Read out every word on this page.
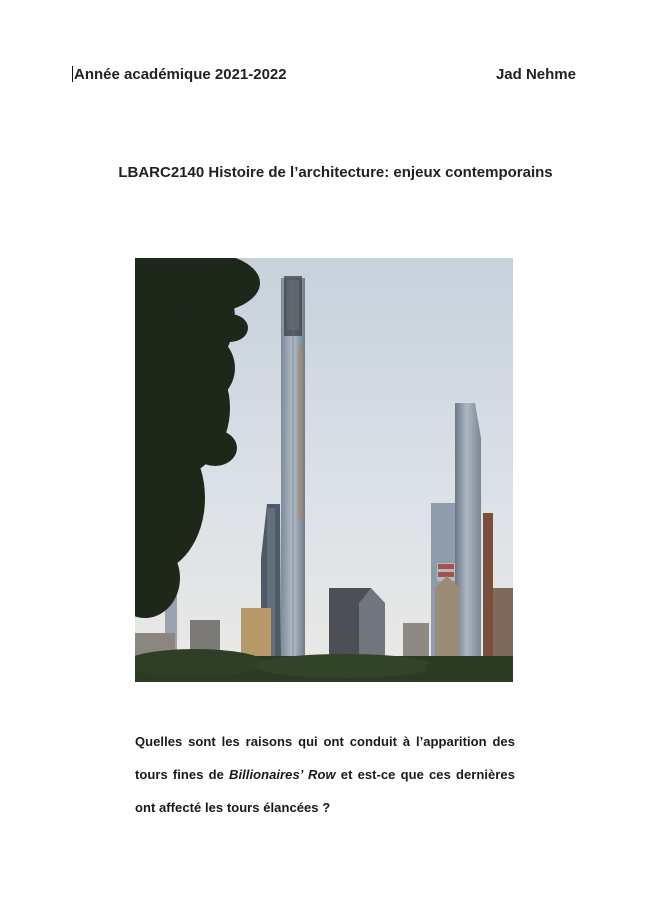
Année académique 2021-2022	Jad Nehme
LBARC2140 Histoire de l’architecture: enjeux contemporains
Quelles sont les raisons qui ont conduit à l’apparition des
tours fines de Billionaires’ Row et est-ce que ces dernières
ont affecté les tours élancées ?
